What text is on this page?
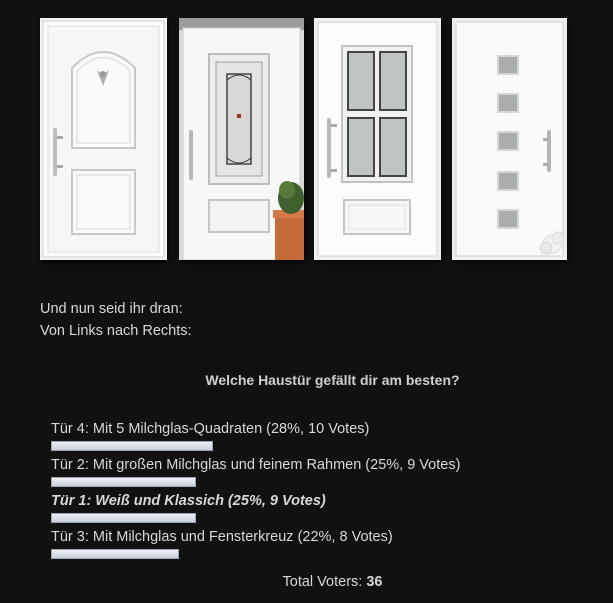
Und nun seid ihr dran:
Von Links nach Rechts:
Welche Haustür gefällt dir am besten?
Tür 4: Mit 5 Milchglas-Quadraten (28%, 10 Votes)
Tür 2: Mit großen Milchglas und feinem Rahmen (25%, 9 Votes)
Tür 1: Weiß und Klassich (25%, 9 Votes)
Tür 3: Mit Milchglas und Fensterkreuz (22%, 8 Votes)
Total Voters: 36
